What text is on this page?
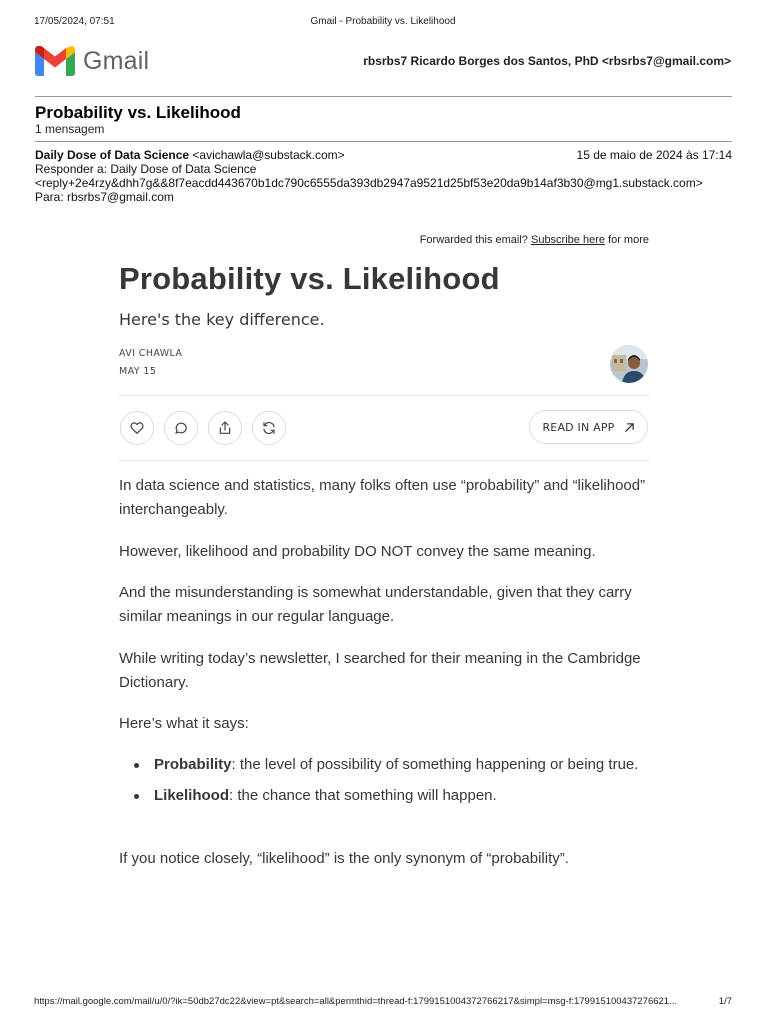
17/05/2024, 07:51	Gmail - Probability vs. Likelihood
Gmail	rbsrbs7 Ricardo Borges dos Santos, PhD <rbsrbs7@gmail.com>
Probability vs. Likelihood
1 mensagem
Daily Dose of Data Science <avichawla@substack.com>	15 de maio de 2024 às 17:14
Responder a: Daily Dose of Data Science
<reply+2e4rzy&dhh7g&&8f7eacdd443670b1dc790c6555da393db2947a9521d25bf53e20da9b14af3b30@mg1.substack.com>
Para: rbsrbs7@gmail.com
Forwarded this email? Subscribe here for more
Probability vs. Likelihood
Here's the key difference.
AVI CHAWLA
MAY 15
READ IN APP

In data science and statistics, many folks often use “probability” and “likelihood” interchangeably.

However, likelihood and probability DO NOT convey the same meaning.

And the misunderstanding is somewhat understandable, given that they carry similar meanings in our regular language.

While writing today’s newsletter, I searched for their meaning in the Cambridge Dictionary.

Here’s what it says:

Probability: the level of possibility of something happening or being true.
Likelihood: the chance that something will happen.

If you notice closely, “likelihood” is the only synonym of “probability”.

https://mail.google.com/mail/u/0/?ik=50db27dc22&view=pt&search=all&permthid=thread-f:1799151004372766217&simpl=msg-f:179915100437276621...	1/7
